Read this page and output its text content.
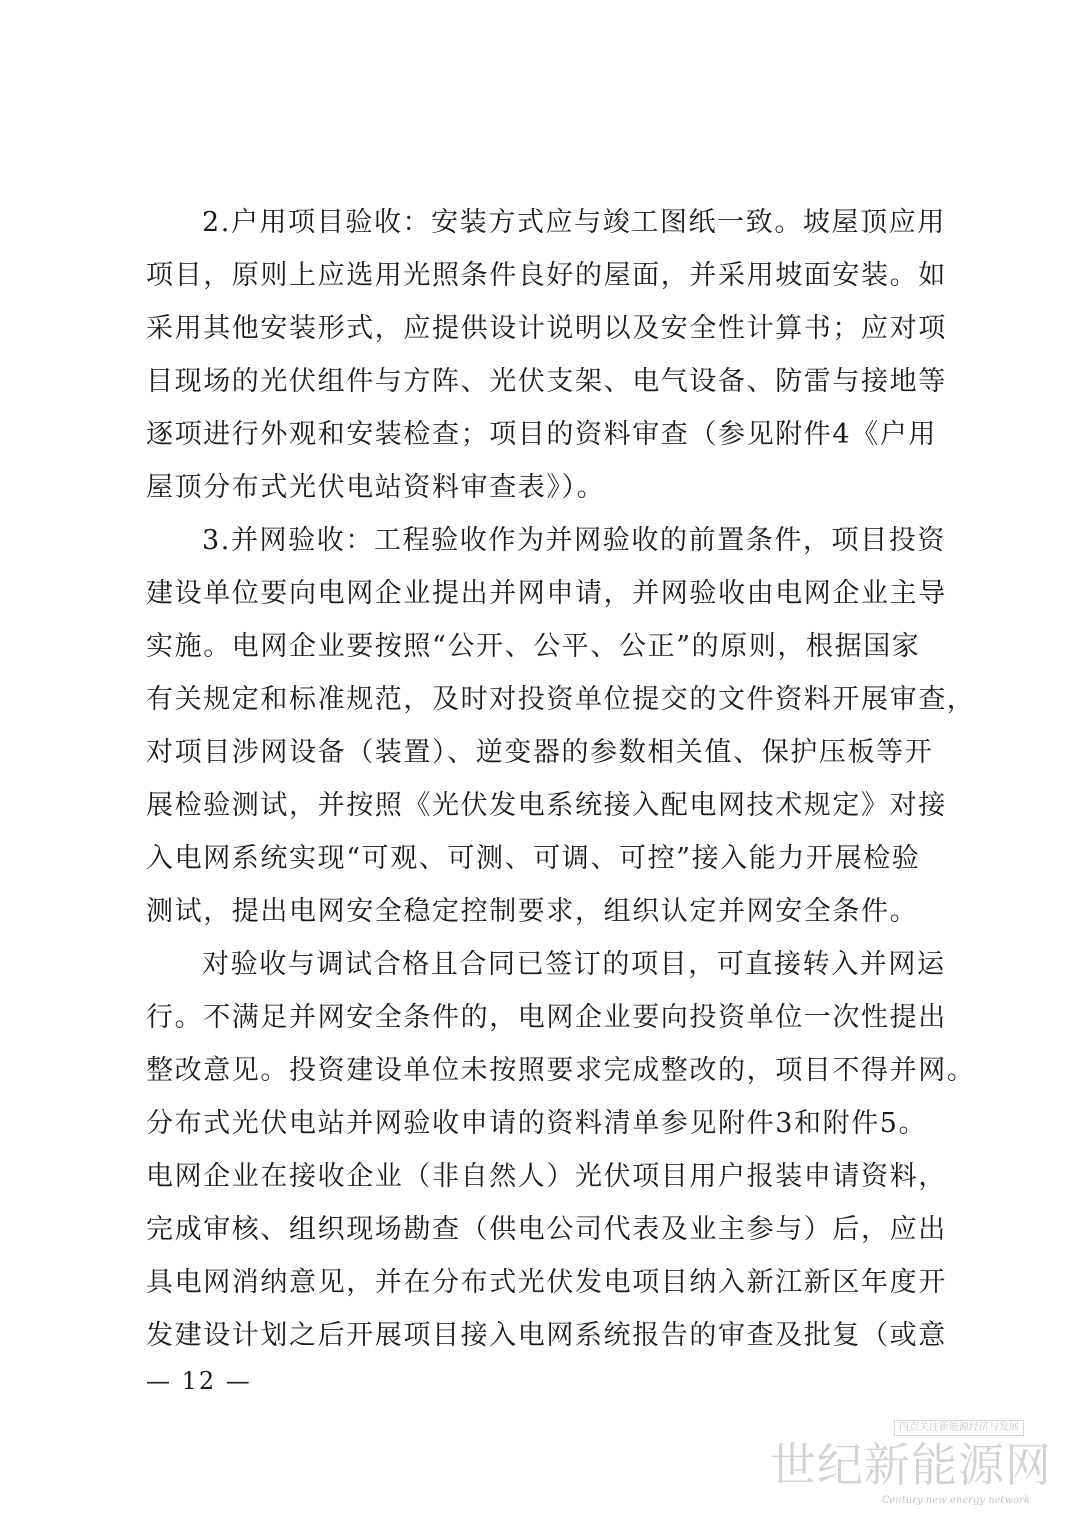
2.户用项目验收：安装方式应与竣工图纸一致。坡屋顶应用
项目，原则上应选用光照条件良好的屋面，并采用坡面安装。如
采用其他安装形式，应提供设计说明以及安全性计算书；应对项
目现场的光伏组件与方阵、光伏支架、电气设备、防雷与接地等
逐项进行外观和安装检查；项目的资料审查（参见附件4《户用
屋顶分布式光伏电站资料审查表》）。
3.并网验收：工程验收作为并网验收的前置条件，项目投资
建设单位要向电网企业提出并网申请，并网验收由电网企业主导
实施。电网企业要按照“公开、公平、公正”的原则，根据国家
有关规定和标准规范，及时对投资单位提交的文件资料开展审查，
对项目涉网设备（装置）、逆变器的参数相关值、保护压板等开
展检验测试，并按照《光伏发电系统接入配电网技术规定》对接
入电网系统实现“可观、可测、可调、可控”接入能力开展检验
测试，提出电网安全稳定控制要求，组织认定并网安全条件。
对验收与调试合格且合同已签订的项目，可直接转入并网运
行。不满足并网安全条件的，电网企业要向投资单位一次性提出
整改意见。投资建设单位未按照要求完成整改的，项目不得并网。
分布式光伏电站并网验收申请的资料清单参见附件3和附件5。
电网企业在接收企业（非自然人）光伏项目用户报装申请资料，
完成审核、组织现场勘查（供电公司代表及业主参与）后，应出
具电网消纳意见，并在分布式光伏发电项目纳入新江新区年度开
发建设计划之后开展项目接入电网系统报告的审查及批复（或意
— 12 —
四点关注新能源经济与发展
世纪新能源网
Century new energy network
